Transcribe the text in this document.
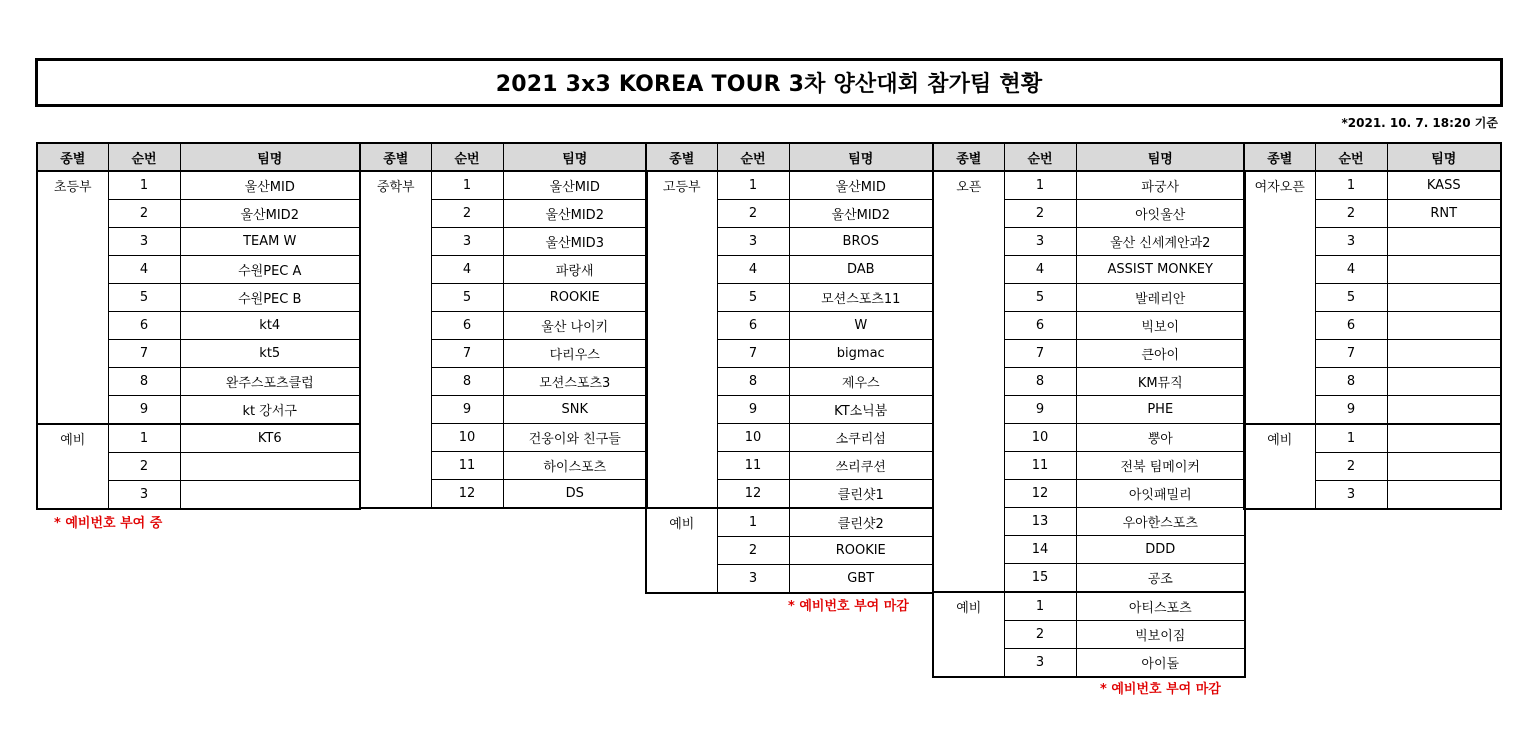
2021 3x3 KOREA TOUR 3차 양산대회 참가팀 현황
*2021. 10. 7. 18:20 기준
종별	순번	팀명
초등부	1	울산MID
	2	울산MID2
	3	TEAM W
	4	수원PEC A
	5	수원PEC B
	6	kt4
	7	kt5
	8	완주스포츠클럽
	9	kt 강서구
예비	1	KT6
	2	
	3	
* 예비번호 부여 중
종별	순번	팀명
중학부	1	울산MID
	2	울산MID2
	3	울산MID3
	4	파랑새
	5	ROOKIE
	6	울산 나이키
	7	다리우스
	8	모션스포츠3
	9	SNK
	10	건웅이와 친구들
	11	하이스포츠
	12	DS
종별	순번	팀명
고등부	1	울산MID
	2	울산MID2
	3	BROS
	4	DAB
	5	모션스포츠11
	6	W
	7	bigmac
	8	제우스
	9	KT소닉붐
	10	소쿠리섬
	11	쓰리쿠션
	12	클린샷1
예비	1	클린샷2
	2	ROOKIE
	3	GBT
* 예비번호 부여 마감
종별	순번	팀명
오픈	1	파궁사
	2	아잇울산
	3	울산 신세계안과2
	4	ASSIST MONKEY
	5	발레리안
	6	빅보이
	7	큰아이
	8	KM뮤직
	9	PHE
	10	뿡아
	11	전북 팀메이커
	12	아잇패밀리
	13	우아한스포츠
	14	DDD
	15	공조
예비	1	아티스포츠
	2	빅보이짐
	3	아이돌
* 예비번호 부여 마감
종별	순번	팀명
여자오픈	1	KASS
	2	RNT
	3	
	4	
	5	
	6	
	7	
	8	
	9	
예비	1	
	2	
	3	
